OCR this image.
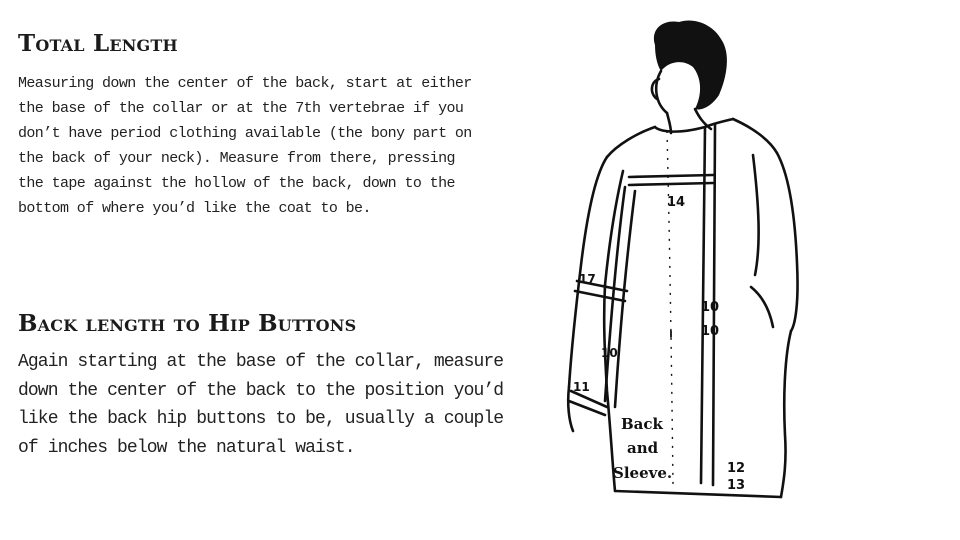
Total Length

Measuring down the center of the back, start at either the base of the collar or at the 7th vertebrae if you don’t have period clothing available (the bony part on the back of your neck). Measure from there, pressing the tape against the hollow of the back, down to the bottom of where you’d like the coat to be.

Back length to Hip Buttons

Again starting at the base of the collar, measure down the center of the back to the position you’d like the back hip buttons to be, usually a couple of inches below the natural waist.

14
17
10
10
10
11
12
13
Back
and
Sleeve.
